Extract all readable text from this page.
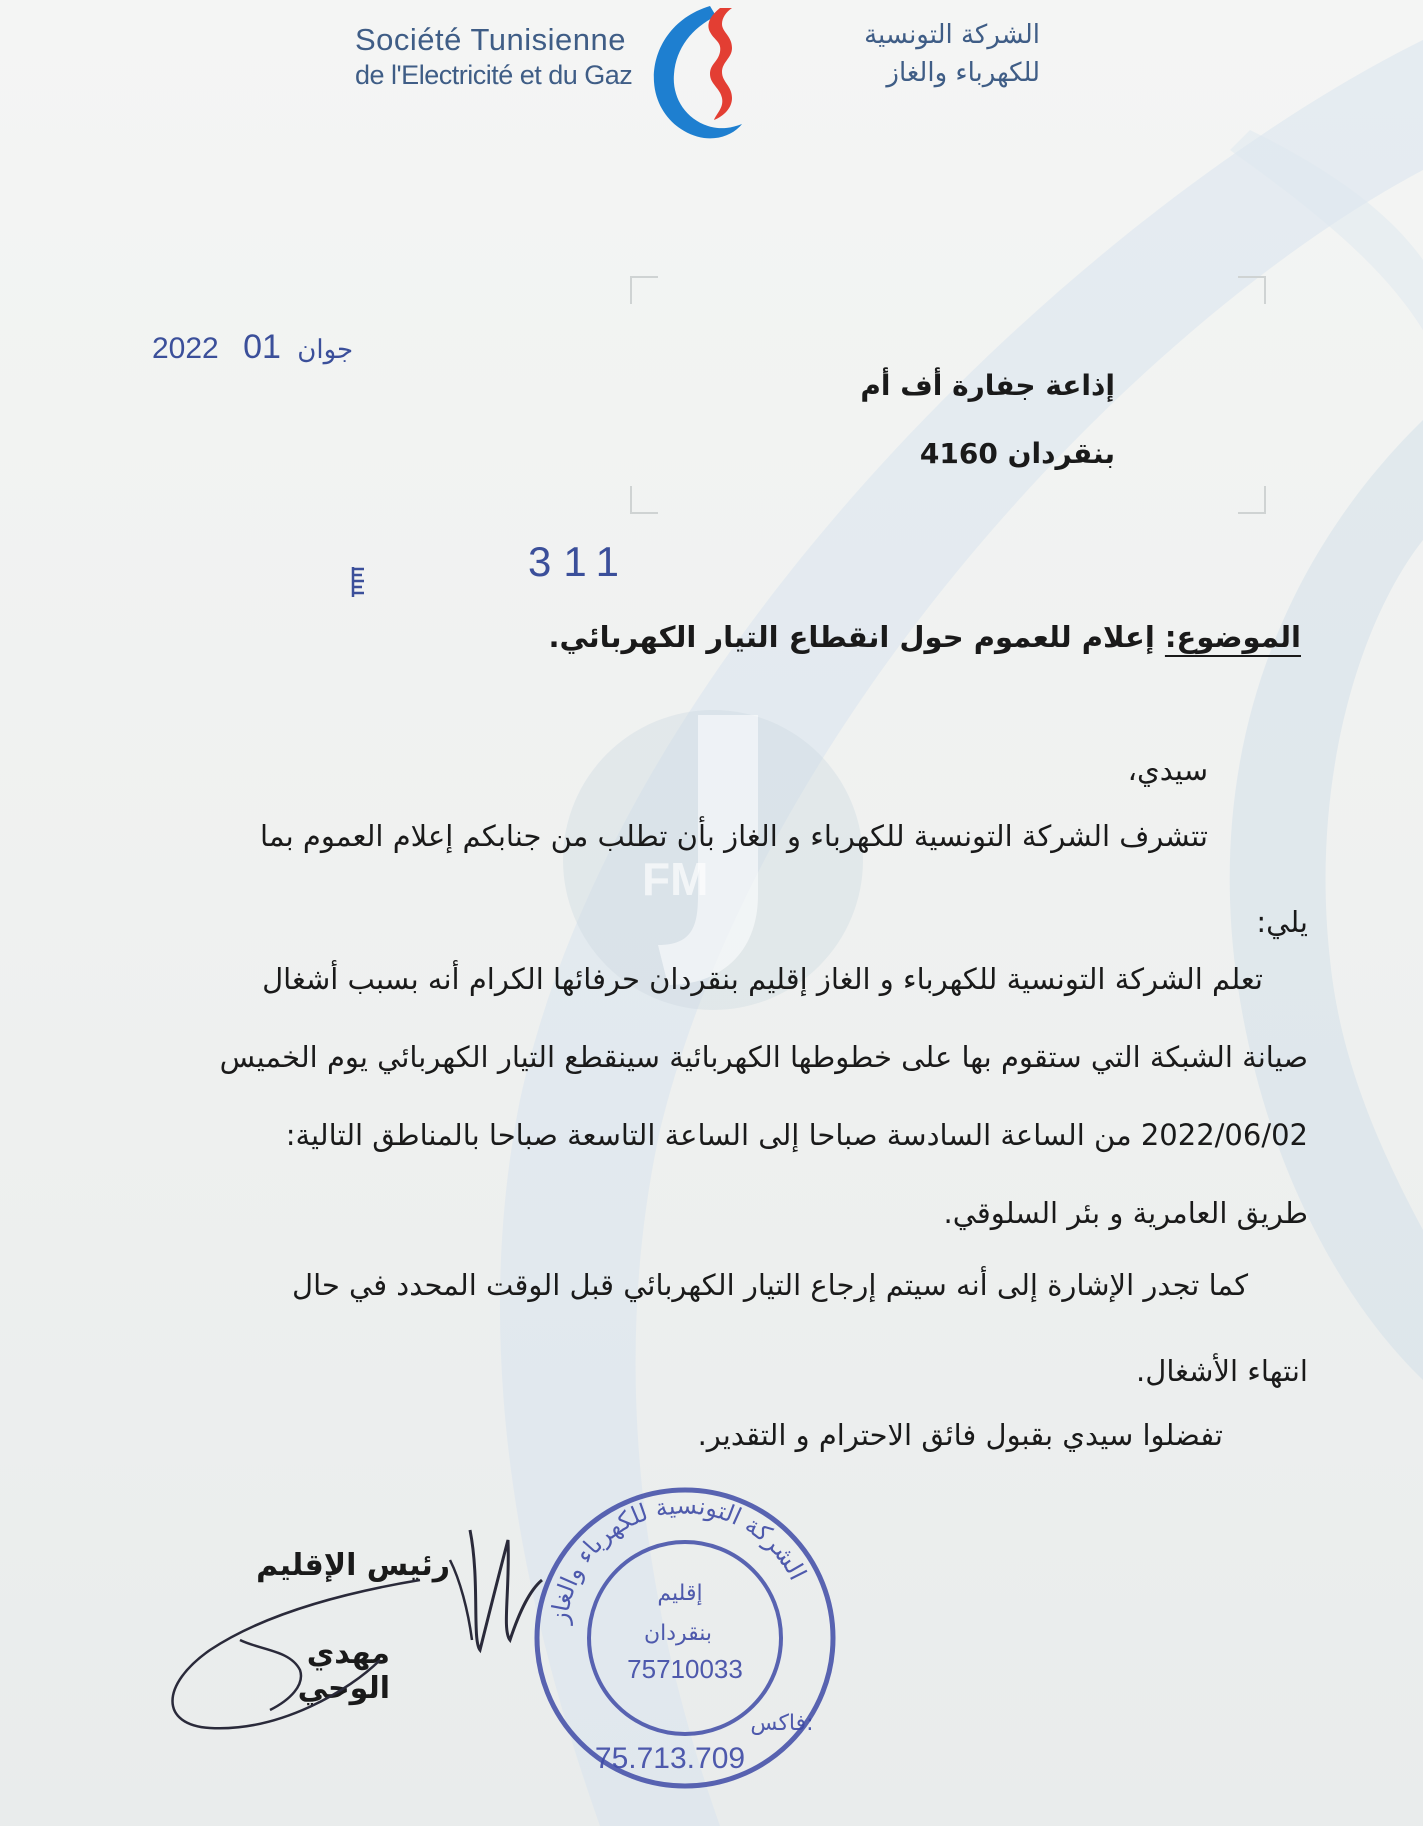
Société Tunisienne
de l'Electricité et du Gaz
الشركة التونسية
للكهرباء والغاز
2022	جوان 01
إذاعة جفارة أف أم
بنقردان 4160
311
الموضوع: إعلام للعموم حول انقطاع التيار الكهربائي.
FM
سيدي،
تتشرف الشركة التونسية للكهرباء و الغاز بأن تطلب من جنابكم إعلام العموم بما
يلي:
تعلم الشركة التونسية للكهرباء و الغاز إقليم بنقردان حرفائها الكرام أنه بسبب أشغال
صيانة الشبكة التي ستقوم بها على خطوطها الكهربائية سينقطع التيار الكهربائي يوم الخميس
2022/06/02 من الساعة السادسة صباحا إلى الساعة التاسعة صباحا بالمناطق التالية:
طريق العامرية و بئر السلوقي.
كما تجدر الإشارة إلى أنه سيتم إرجاع التيار الكهربائي قبل الوقت المحدد في حال
انتهاء الأشغال.
تفضلوا سيدي بقبول فائق الاحترام و التقدير.
رئيس الإقليم
مهدي الوحي
الشركة التونسية للكهرباء والغاز
إقليم
بنقردان
75710033
فاكس:
75.713.709
